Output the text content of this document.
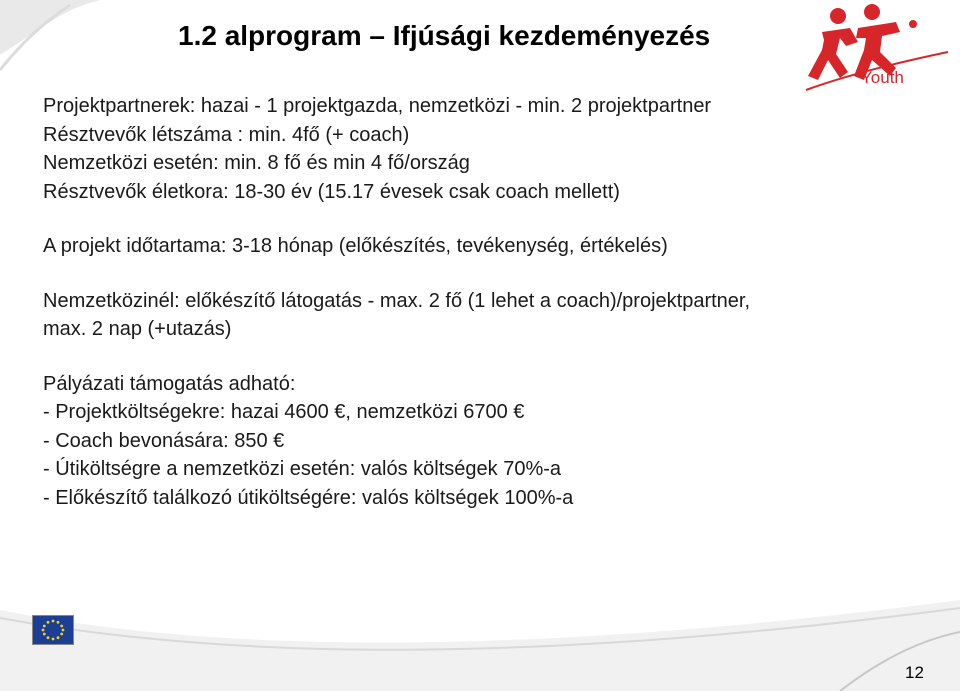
1.2 alprogram – Ifjúsági kezdeményezés
Youth

Projektpartnerek: hazai - 1 projektgazda, nemzetközi - min. 2 projektpartner

Résztvevők létszáma : min. 4fő (+ coach)

Nemzetközi esetén: min. 8 fő és min 4 fő/ország

Résztvevők életkora: 18-30 év (15.17 évesek csak coach mellett)

A projekt időtartama: 3-18 hónap (előkészítés, tevékenység, értékelés)

Nemzetközinél: előkészítő látogatás - max. 2 fő (1 lehet a coach)/projektpartner,

max. 2 nap (+utazás)

Pályázati támogatás adható:

- Projektköltségekre: hazai 4600 €, nemzetközi 6700 €

- Coach bevonására: 850 €

- Útiköltségre a nemzetközi esetén: valós költségek 70%-a

- Előkészítő találkozó útiköltségére: valós költségek 100%-a

12
